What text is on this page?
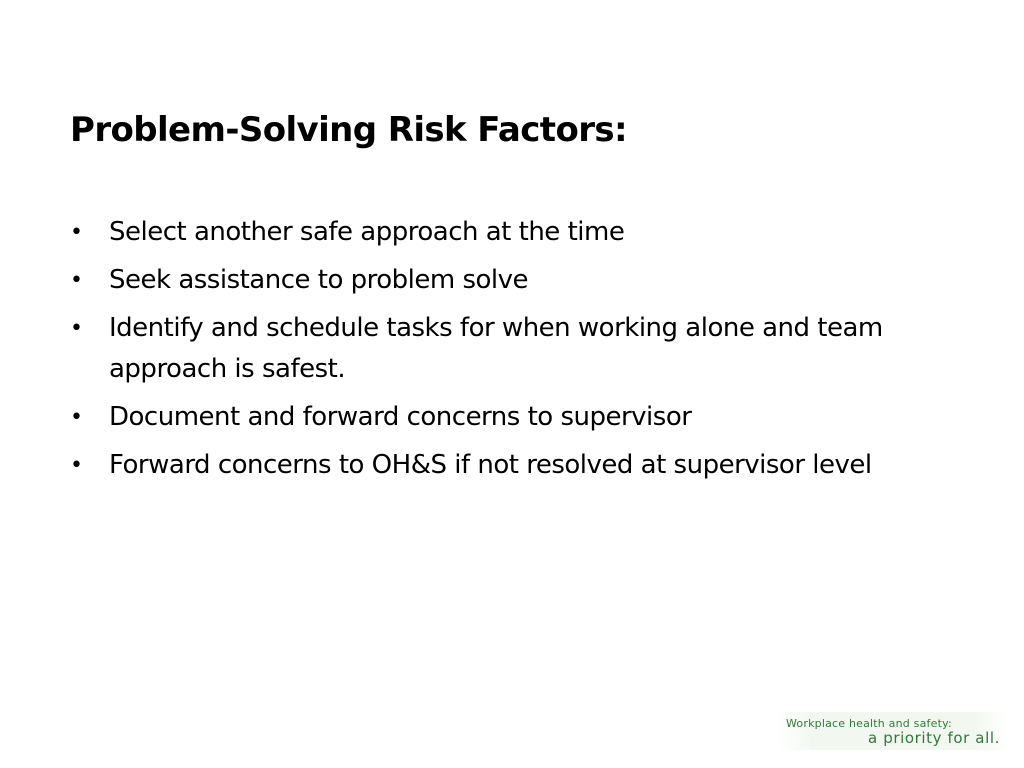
Problem-Solving Risk Factors:
• Select another safe approach at the time
• Seek assistance to problem solve
• Identify and schedule tasks for when working alone and team approach is safest.
• Document and forward concerns to supervisor
• Forward concerns to OH&S if not resolved at supervisor level
Workplace health and safety:
a priority for all.
